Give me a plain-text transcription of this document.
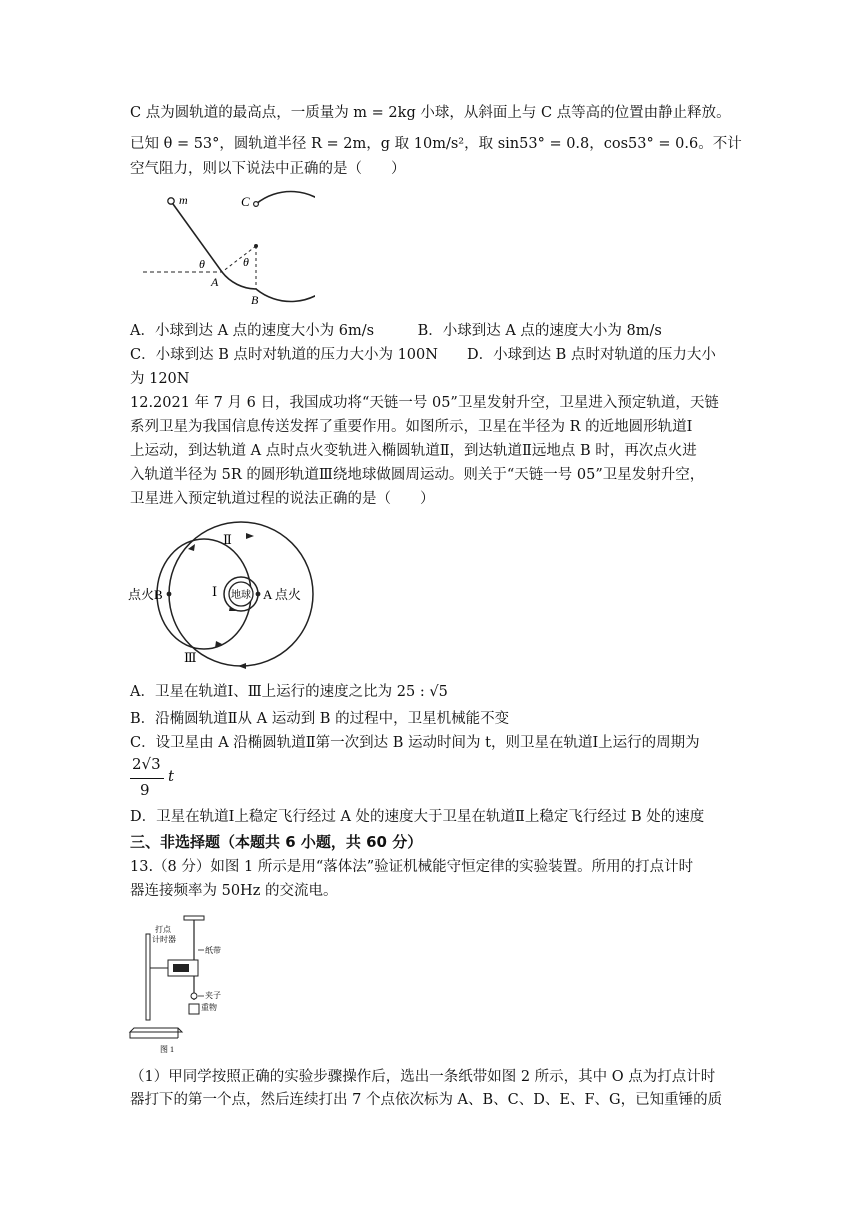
C 点为圆轨道的最高点，一质量为 m = 2kg 小球，从斜面上与 C 点等高的位置由静止释放。
已知 θ = 53°，圆轨道半径 R = 2m，g 取 10m/s²，取 sin53° = 0.8，cos53° = 0.6。不计
空气阻力，则以下说法中正确的是（　　）
m	C
θ	θ
A
B
A．小球到达 A 点的速度大小为 6m/s　　　B．小球到达 A 点的速度大小为 8m/s
C．小球到达 B 点时对轨道的压力大小为 100N　　D．小球到达 B 点时对轨道的压力大小
为 120N
12.2021 年 7 月 6 日，我国成功将“天链一号 05”卫星发射升空，卫星进入预定轨道，天链
系列卫星为我国信息传送发挥了重要作用。如图所示，卫星在半径为 R 的近地圆形轨道Ⅰ
上运动，到达轨道 A 点时点火变轨进入椭圆轨道Ⅱ，到达轨道Ⅱ远地点 B 时，再次点火进
入轨道半径为 5R 的圆形轨道Ⅲ绕地球做圆周运动。则关于“天链一号 05”卫星发射升空，
卫星进入预定轨道过程的说法正确的是（　　）
Ⅱ
Ⅰ
Ⅲ
地球
点火B	A 点火
A．卫星在轨道Ⅰ、Ⅲ上运行的速度之比为 25 : √5
B．沿椭圆轨道Ⅱ从 A 运动到 B 的过程中，卫星机械能不变
C．设卫星由 A 沿椭圆轨道Ⅱ第一次到达 B 运动时间为 t，则卫星在轨道Ⅰ上运行的周期为
2√3
9
t
D．卫星在轨道Ⅰ上稳定飞行经过 A 处的速度大于卫星在轨道Ⅱ上稳定飞行经过 B 处的速度
三、非选择题（本题共 6 小题，共 60 分）
13.（8 分）如图 1 所示是用“落体法”验证机械能守恒定律的实验装置。所用的打点计时
器连接频率为 50Hz 的交流电。
打点
计时器
纸带
夹子
重物
图 1
（1）甲同学按照正确的实验步骤操作后，选出一条纸带如图 2 所示，其中 O 点为打点计时
器打下的第一个点，然后连续打出 7 个点依次标为 A、B、C、D、E、F、G，已知重锤的质
